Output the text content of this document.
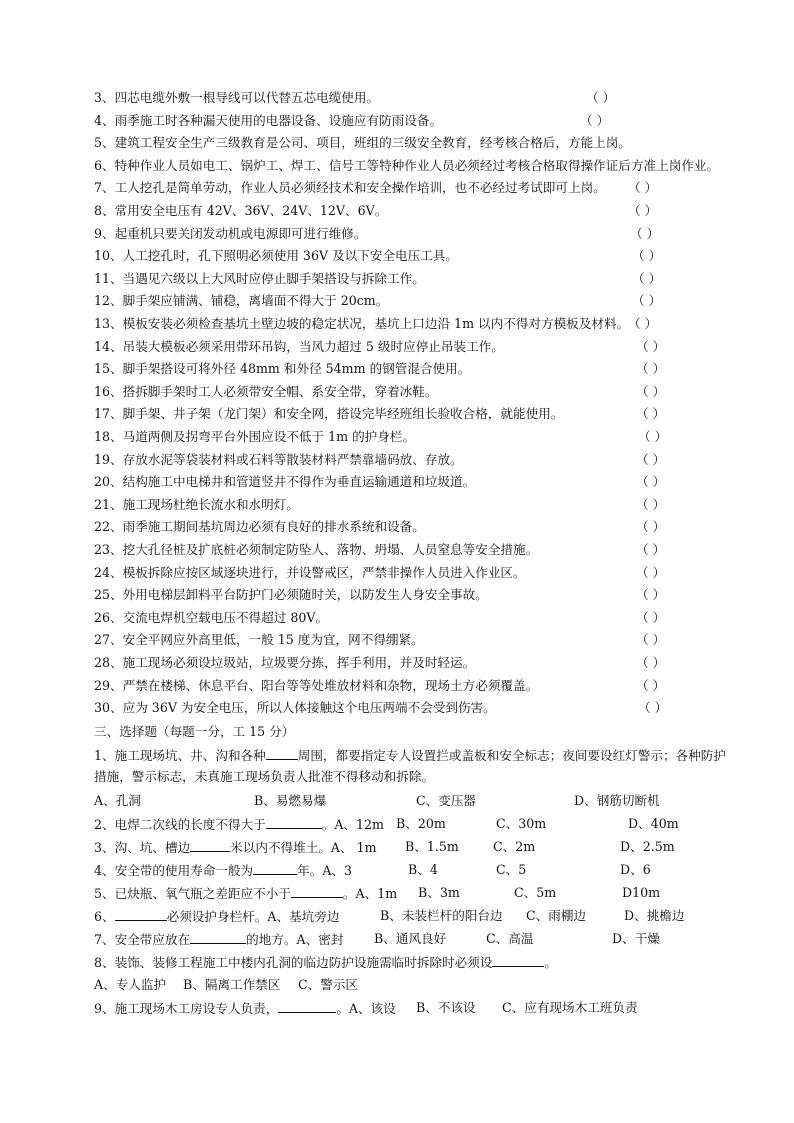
3、四芯电缆外敷一根导线可以代替五芯电缆使用。	（ ）
4、雨季施工时各种漏天使用的电器设备、设施应有防雨设备。	（ ）
5、建筑工程安全生产三级教育是公司、项目，班组的三级安全教育，经考核合格后，方能上岗。
6、特种作业人员如电工、锅炉工、焊工、信号工等特种作业人员必须经过考核合格取得操作证后方准上岗作业。
7、工人挖孔是简单劳动，作业人员必须经技术和安全操作培训，也不必经过考试即可上岗。 （ ）
8、常用安全电压有 42V、36V、24V、12V、6V。	（ ）
9、起重机只要关闭发动机或电源即可进行维修。	（ ）
10、人工挖孔时，孔下照明必须使用 36V 及以下安全电压工具。	（ ）
11、当遇见六级以上大风时应停止脚手架搭设与拆除工作。	（ ）
12、脚手架应铺满、铺稳，离墙面不得大于 20cm。	（ ）
13、模板安装必须检查基坑土壁边坡的稳定状况，基坑上口边沿 1m 以内不得对方模板及材料。
（ ）
14、吊装大模板必须采用带环吊钩，当风力超过 5 级时应停止吊装工作。	（ ）
15、脚手架搭设可将外径 48mm 和外径 54mm 的钢管混合使用。	（ ）
16、搭拆脚手架时工人必须带安全帽、系安全带，穿着冰鞋。	（ ）
17、脚手架、井子架（龙门架）和安全网，搭设完毕经班组长验收合格，就能使用。	（ ）
18、马道两侧及拐弯平台外围应设不低于 1m 的护身栏。	（ ）
19、存放水泥等袋装材料或石料等散装材料严禁靠墙码放、存放。	（ ）
20、结构施工中电梯井和管道竖井不得作为垂直运输通道和垃圾道。	（ ）
21、施工现场杜绝长流水和水明灯。	（ ）
22、雨季施工期间基坑周边必须有良好的排水系统和设备。	（ ）
23、挖大孔径桩及扩底桩必须制定防坠人、落物、坍塌、人员窒息等安全措施。	（ ）
24、模板拆除应按区域逐块进行，并设警戒区，严禁非操作人员进入作业区。	（ ）
25、外用电梯层卸料平台防护门必须随时关，以防发生人身安全事故。	（ ）
26、交流电焊机空载电压不得超过 80V。	（ ）
27、安全平网应外高里低，一般 15 度为宜，网不得绷紧。	（ ）
28、施工现场必须设垃圾站，垃圾要分拣，挥手利用，并及时轻运。	（ ）
29、严禁在楼梯、休息平台、阳台等等处堆放材料和杂物，现场土方必须覆盖。	（ ）
30、应为 36V 为安全电压，所以人体接触这个电压两端不会受到伤害。	（ ）
三、选择题（每题一分，工 15 分）
1、施工现场坑、井、沟和各种	周围，都要指定专人设置拦或盖板和安全标志；夜间要设红灯警示；各种防护
措施，警示标志，未真施工现场负责人批准不得移动和拆除。
A、孔洞	B、易燃易爆	C、变压器	D、钢筋切断机
2、电焊二次线的长度不得大于	。A、12m B、20m	C、30m	D、40m
3、沟、坑、槽边	米以内不得堆土。A、 1m B、1.5m	C、2m	D、2.5m
4、安全带的使用寿命一般为	年。A、3	B、4	C、5	D、6
5、已炔瓶、氧气瓶之差距应不小于	。A、1m B、3m	C、5m	D10m
6、	必须设护身栏杆。A、基坑旁边	B、未装栏杆的阳台边 C、雨棚边	D、挑檐边
7、安全带应放在	的地方。A、密封 B、通风良好	C、高温	D、干燥
8、装饰、装修工程施工中楼内孔洞的临边防护设施需临时拆除时必须设	。
A、专人监护 B、隔离工作禁区 C、警示区
9、施工现场木工房设专人负责，	。A、该设 B、不该设 C、应有现场木工班负责
